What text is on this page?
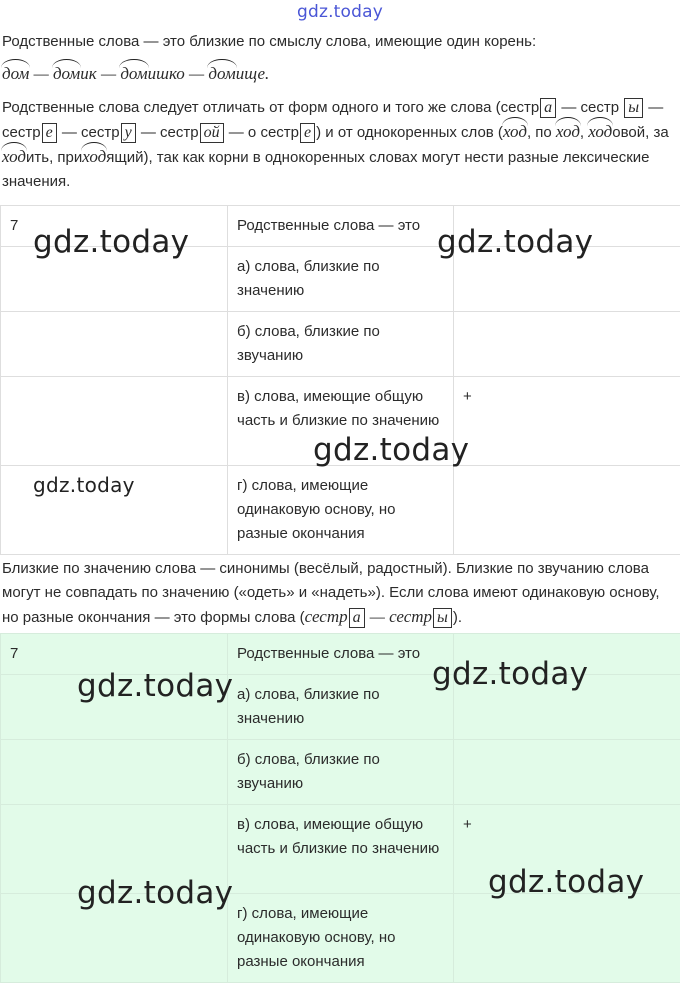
gdz.today
Родственные слова — это близкие по смыслу слова, имеющие один корень:
дом — домик — домишко — домище.
Родственные слова следует отличать от форм одного и того же слова (сестр а — сестр ы — сестр е — сестр у — сестр ой — о сестр е ) и от однокоренных слов (ход, по ход, ходовой, заходить, приходящий), так как корни в однокоренных словах могут нести разные лексические значения.
7	Родственные слова — это	
	а) слова, близкие по значению	
	б) слова, близкие по звучанию	
	в) слова, имеющие общую часть и близкие по значению	+
	г) слова, имеющие одинаковую основу, но разные окончания	
Близкие по значению слова — синонимы (весёлый, радостный). Близкие по звучанию слова могут не совпадать по значению («одеть» и «надеть»). Если слова имеют одинаковую основу, но разные окончания — это формы слова (сестр а — сестр ы ).
7	Родственные слова — это	
	а) слова, близкие по значению	
	б) слова, близкие по звучанию	
	в) слова, имеющие общую часть и близкие по значению	+
	г) слова, имеющие одинаковую основу, но разные окончания	
gdz.today	gdz.today
gdz.today
gdz.today
gdz.today
gdz.today
gdz.today
gdz.today
